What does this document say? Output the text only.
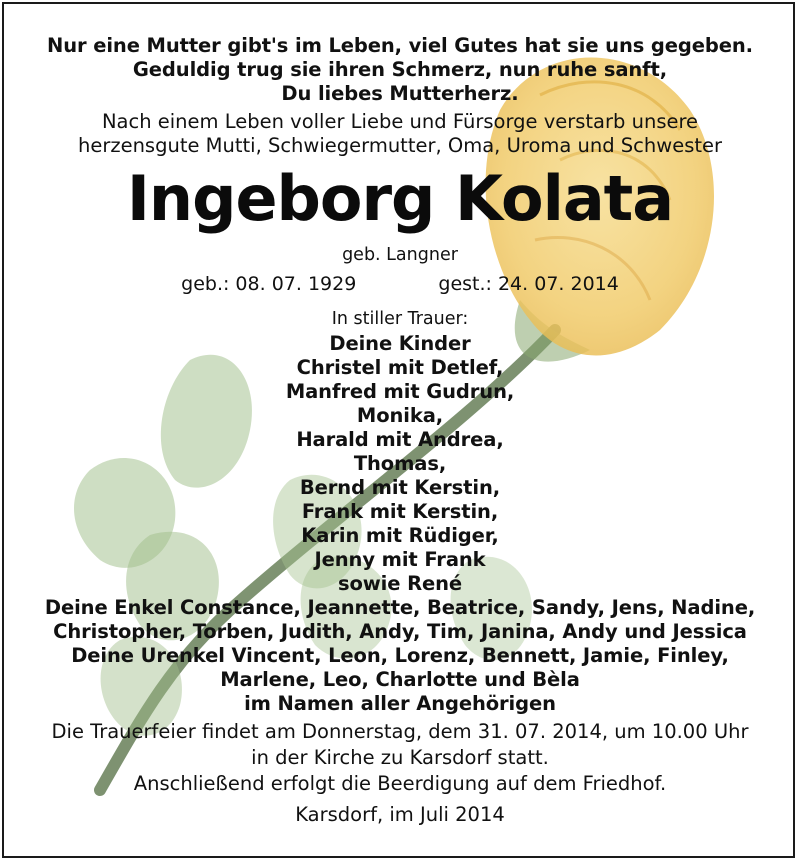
Nur eine Mutter gibt's im Leben, viel Gutes hat sie uns gegeben.
Geduldig trug sie ihren Schmerz, nun ruhe sanft,
Du liebes Mutterherz.
Nach einem Leben voller Liebe und Fürsorge verstarb unsere
herzensgute Mutti, Schwiegermutter, Oma, Uroma und Schwester
Ingeborg Kolata
geb. Langner
geb.: 08. 07. 1929	gest.: 24. 07. 2014
In stiller Trauer:
Deine Kinder
Christel mit Detlef,
Manfred mit Gudrun,
Monika,
Harald mit Andrea,
Thomas,
Bernd mit Kerstin,
Frank mit Kerstin,
Karin mit Rüdiger,
Jenny mit Frank
sowie René
Deine Enkel Constance, Jeannette, Beatrice, Sandy, Jens, Nadine,
Christopher, Torben, Judith, Andy, Tim, Janina, Andy und Jessica
Deine Urenkel Vincent, Leon, Lorenz, Bennett, Jamie, Finley,
Marlene, Leo, Charlotte und Bèla
im Namen aller Angehörigen
Die Trauerfeier findet am Donnerstag, dem 31. 07. 2014, um 10.00 Uhr
in der Kirche zu Karsdorf statt.
Anschließend erfolgt die Beerdigung auf dem Friedhof.
Karsdorf, im Juli 2014
